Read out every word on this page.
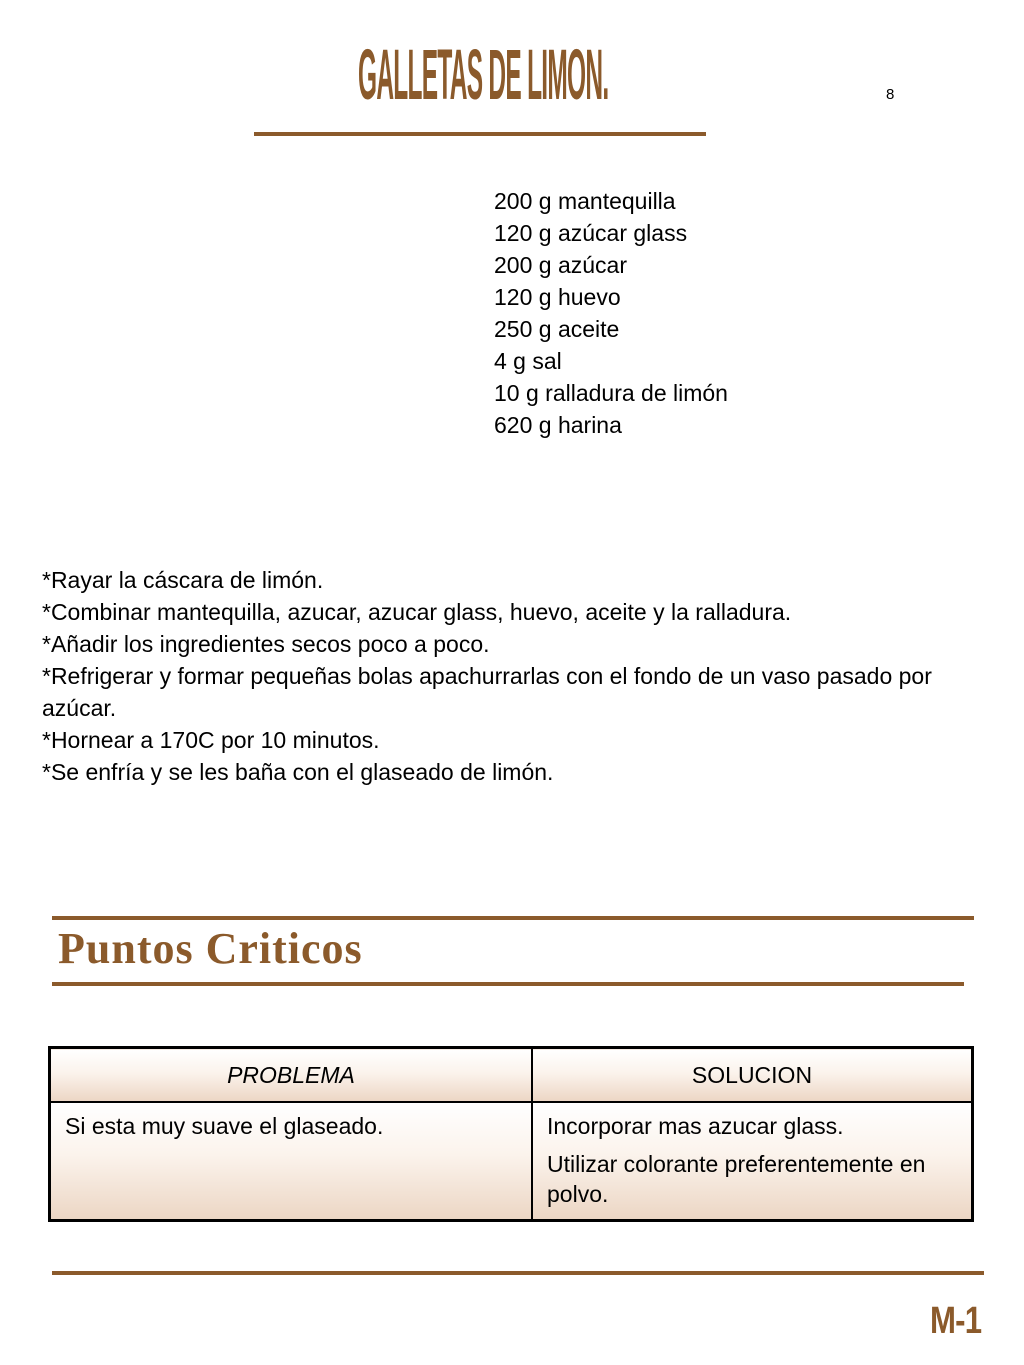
GALLETAS DE LIMON.	8
200 g mantequilla
120 g azúcar glass
200 g azúcar
120 g huevo
250 g aceite
4 g sal
10 g ralladura de limón
620 g harina
*Rayar la cáscara de limón.
*Combinar mantequilla, azucar, azucar glass, huevo, aceite y la ralladura.
*Añadir los ingredientes secos poco a poco.
*Refrigerar y formar pequeñas bolas apachurrarlas con el fondo de un vaso pasado por azúcar.
*Hornear a 170C por 10 minutos.
*Se enfría y se les baña con el glaseado de limón.
Puntos Criticos
PROBLEMA	SOLUCION

Si esta muy suave el glaseado.	Incorporar mas azucar glass.

Utilizar colorante preferentemente en polvo.

M-1
